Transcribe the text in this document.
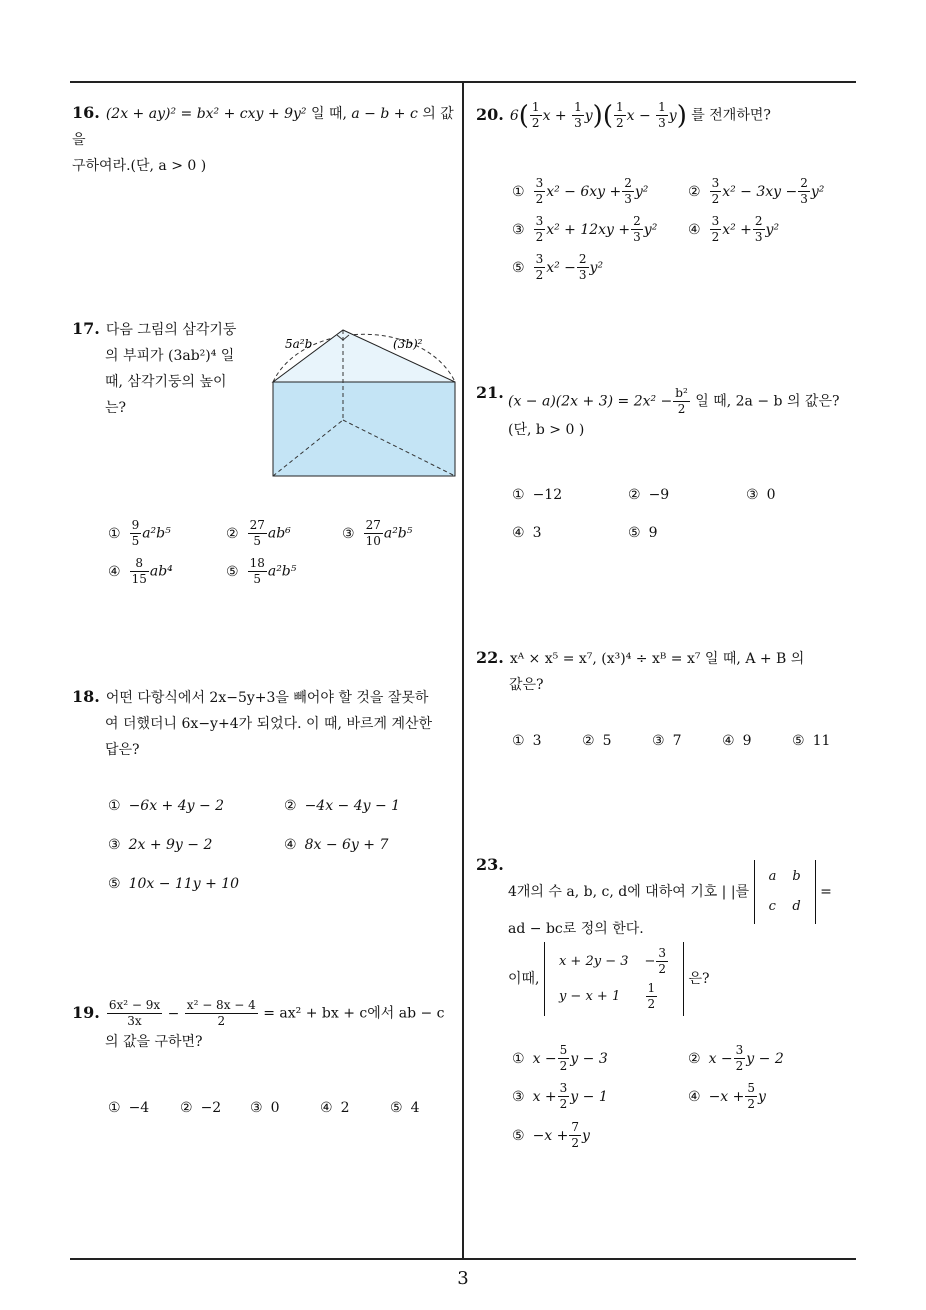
16. (2x + ay)² = bx² + cxy + 9y² 일 때, a − b + c 의 값을
구하여라.(단, a > 0 )
17. 다음 그림의 삼각기둥
의 부피가 (3ab²)⁴ 일
때, 삼각기둥의 높이
는?
5a²b	(3b)²
① $\frac{9}{5} a^2b^5$	② $\frac{27}{5} ab^6$	③ $\frac{27}{10} a^2b^5$
④ $\frac{8}{15} ab^4$	⑤ $\frac{18}{5} a^2b^5$
18. 어떤 다항식에서 2x−5y+3을 빼어야 할 것을 잘못하
여 더했더니 6x−y+4가 되었다. 이 때, 바르게 계산한
답은?
① −6x + 4y − 2	② −4x − 4y − 1
③ 2x + 9y − 2	④ 8x − 6y + 7
⑤ 10x − 11y + 10
19. $\frac{\text{6x² − 9x}}{3x} - \frac{\text{x² − 8x − 4}}{2} = ax^2$ + bx + c에서 ab − c
의 값을 구하면?
① −4 ② −2 ③ 0	④ 2	⑤ 4
20. $6( \frac{1}{2}$ $x + \frac{1}{3} y)( \frac{1}{2}$ $x - \frac{1}{3} y$) 를 전개하면?
① $\frac{3}{2} x^2 - 6xy + \frac{2}{3} y^2$	② $\frac{3}{2} x^2 - 3xy - \frac{2}{3} y^2$
③ $\frac{3}{2} x^2 + 12xy + \frac{2}{3} y^2$ ④ $\frac{3}{2} x^2 + \frac{2}{3} y^2$
⑤ $\frac{3}{2} x^2 - \frac{2}{3} y^2$
21. $(x - a)(2x + 3) = 2x^2 - \frac{\text{b²}}{2}$ 일 때, 2a − b 의 값은?
(단, b > 0 )
① −12	② −9	③ 0
④ 3	⑤ 9
22. xᴬ × x⁵ = x⁷, (x³)⁴ ÷ xᴮ = x⁷ 일 때, A + B 의
값은?
① 3	② 5	③ 7	④ 9	⑤ 11
23.
4개의 수 a, b, c, d에 대하여 기호 | |를
a	b
c	d
=
ad − bc로 정의 한다.
이때,
x + 2y − 3	− $\frac{3}{2}$

y − x + 1	$\frac{1}{2}$
은?
① $x - \frac{5}{2}$ y − 3	② $x - \frac{3}{2}$ y − 2
③ $x + \frac{3}{2}$ y − 1	④ $-x + \frac{5}{2}$ y
⑤ $-x + \frac{7}{2}$ y
3
